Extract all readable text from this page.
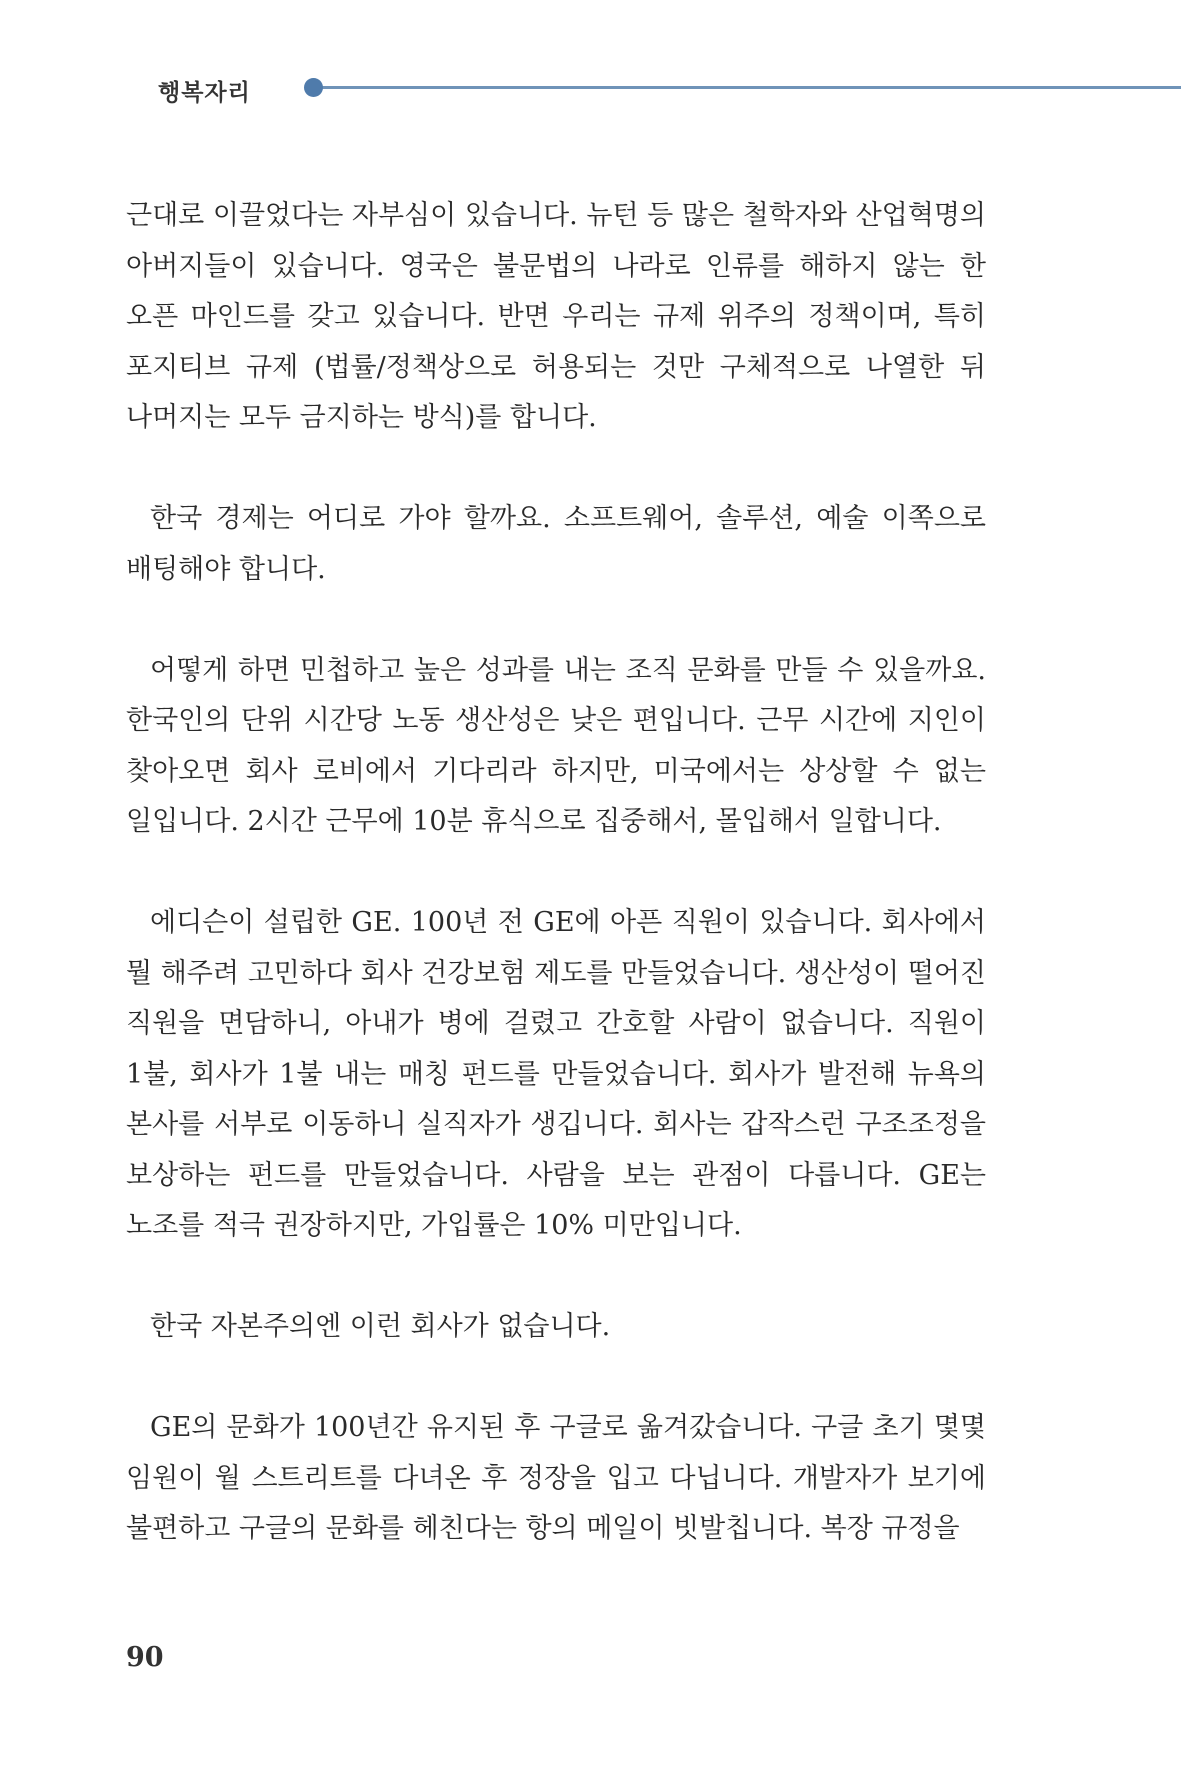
행복자리

근대로 이끌었다는 자부심이 있습니다. 뉴턴 등 많은 철학자와 산업혁명의 아버지들이 있습니다. 영국은 불문법의 나라로 인류를 해하지 않는 한 오픈 마인드를 갖고 있습니다. 반면 우리는 규제 위주의 정책이며, 특히 포지티브 규제 (법률/정책상으로 허용되는 것만 구체적으로 나열한 뒤 나머지는 모두 금지하는 방식)를 합니다.

한국 경제는 어디로 가야 할까요. 소프트웨어, 솔루션, 예술 이쪽으로 배팅해야 합니다.

어떻게 하면 민첩하고 높은 성과를 내는 조직 문화를 만들 수 있을까요. 한국인의 단위 시간당 노동 생산성은 낮은 편입니다. 근무 시간에 지인이 찾아오면 회사 로비에서 기다리라 하지만, 미국에서는 상상할 수 없는 일입니다. 2시간 근무에 10분 휴식으로 집중해서, 몰입해서 일합니다.

에디슨이 설립한 GE. 100년 전 GE에 아픈 직원이 있습니다. 회사에서 뭘 해주려 고민하다 회사 건강보험 제도를 만들었습니다. 생산성이 떨어진 직원을 면담하니, 아내가 병에 걸렸고 간호할 사람이 없습니다. 직원이 1불, 회사가 1불 내는 매칭 펀드를 만들었습니다. 회사가 발전해 뉴욕의 본사를 서부로 이동하니 실직자가 생깁니다. 회사는 갑작스런 구조조정을 보상하는 펀드를 만들었습니다. 사람을 보는 관점이 다릅니다. GE는 노조를 적극 권장하지만, 가입률은 10% 미만입니다.

한국 자본주의엔 이런 회사가 없습니다.

GE의 문화가 100년간 유지된 후 구글로 옮겨갔습니다. 구글 초기 몇몇 임원이 월 스트리트를 다녀온 후 정장을 입고 다닙니다. 개발자가 보기에 불편하고 구글의 문화를 헤친다는 항의 메일이 빗발칩니다. 복장 규정을

90
